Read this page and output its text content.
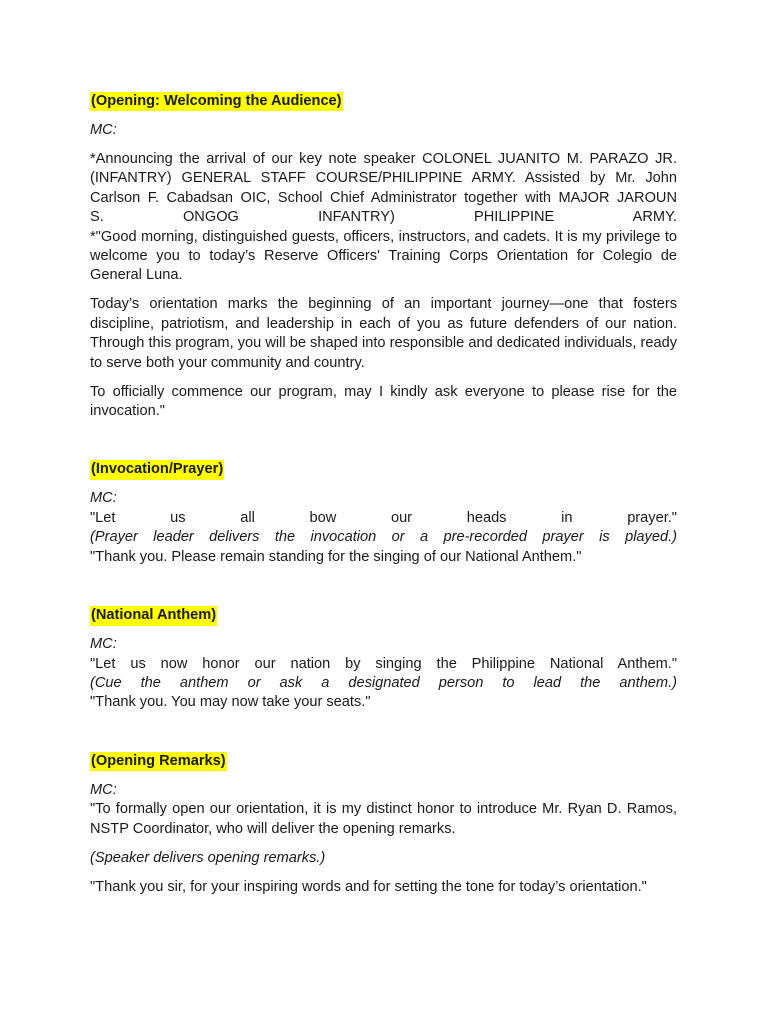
(Opening: Welcoming the Audience)

MC:

*Announcing the arrival of our key note speaker COLONEL JUANITO M. PARAZO JR.

(INFANTRY) GENERAL STAFF COURSE/PHILIPPINE ARMY. Assisted by Mr. John

Carlson F. Cabadsan OIC, School Chief Administrator together with MAJOR JAROUN

S. ONGOG INFANTRY) PHILIPPINE ARMY.

*"Good morning, distinguished guests, officers, instructors, and cadets. It is my privilege to welcome you to today’s Reserve Officers' Training Corps Orientation for Colegio de General Luna.

Today’s orientation marks the beginning of an important journey—one that fosters discipline, patriotism, and leadership in each of you as future defenders of our nation. Through this program, you will be shaped into responsible and dedicated individuals, ready to serve both your community and country.

To officially commence our program, may I kindly ask everyone to please rise for the invocation."

(Invocation/Prayer)

MC:

"Let us all bow our heads in prayer."

(Prayer leader delivers the invocation or a pre-recorded prayer is played.)

"Thank you. Please remain standing for the singing of our National Anthem."

(National Anthem)

MC:

"Let us now honor our nation by singing the Philippine National Anthem."

(Cue the anthem or ask a designated person to lead the anthem.)

"Thank you. You may now take your seats."

(Opening Remarks)

MC:

"To formally open our orientation, it is my distinct honor to introduce Mr. Ryan D. Ramos, NSTP Coordinator, who will deliver the opening remarks.

(Speaker delivers opening remarks.)

"Thank you sir, for your inspiring words and for setting the tone for today’s orientation."
